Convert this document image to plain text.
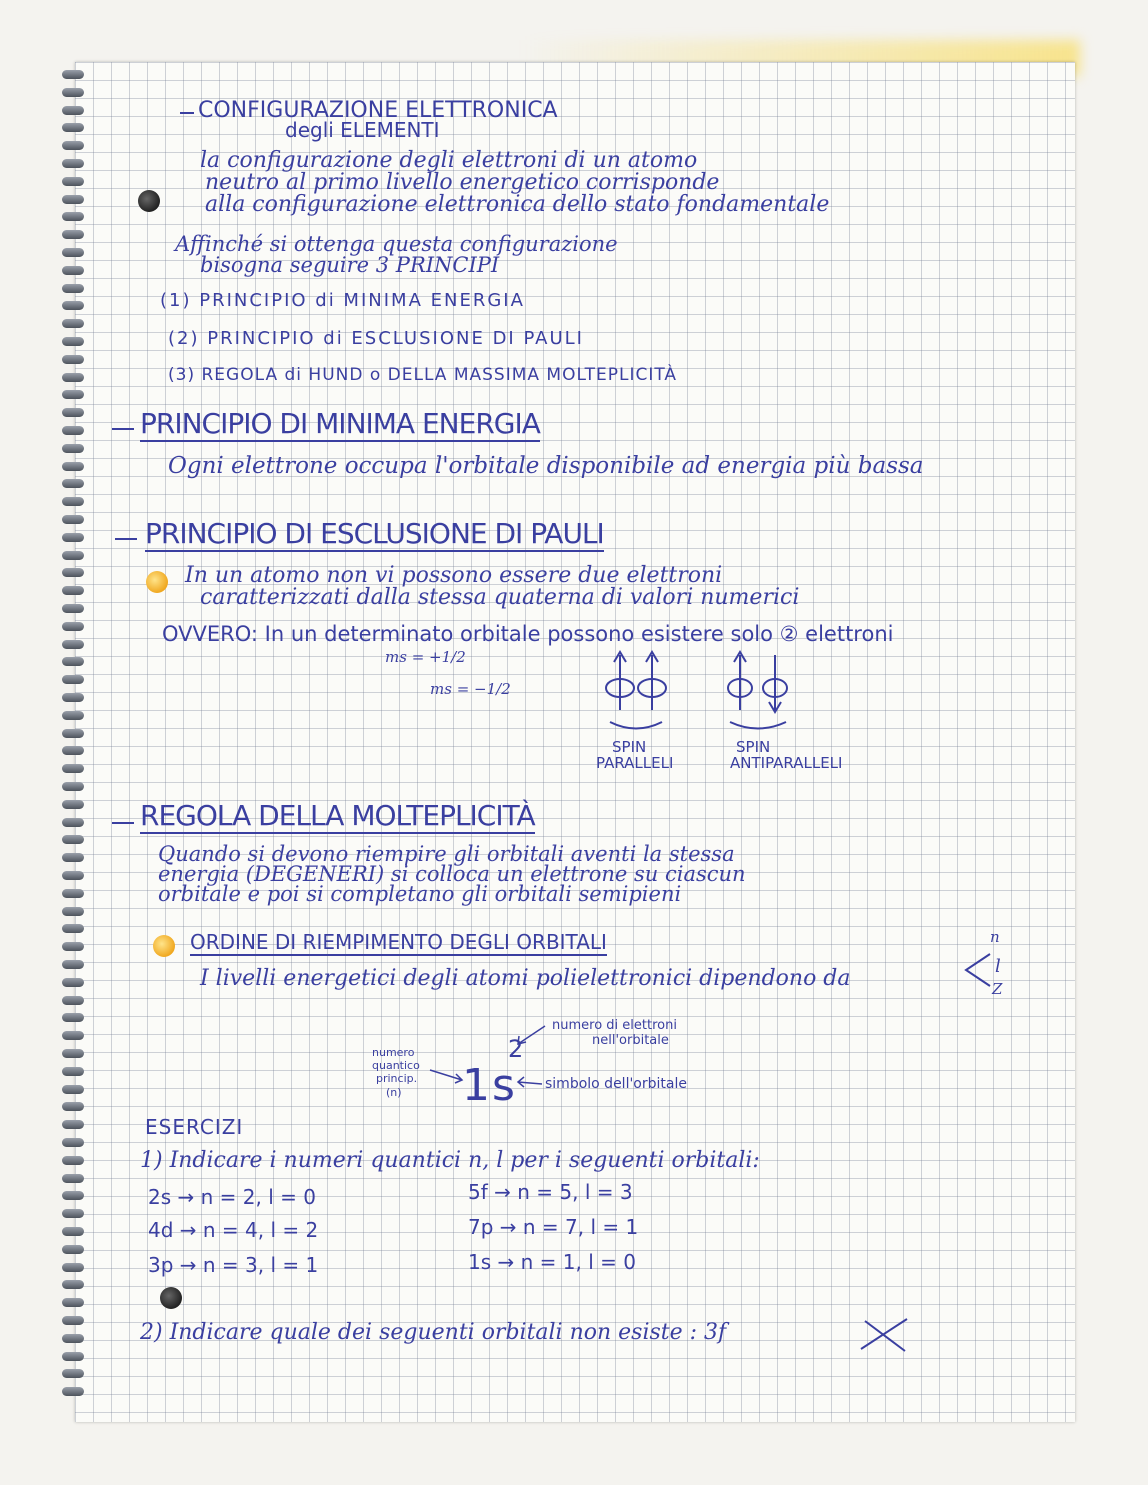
CONFIGURAZIONE ELETTRONICA
degli ELEMENTI
la configurazione degli elettroni di un atomo
neutro al primo livello energetico corrisponde
alla configurazione elettronica dello stato fondamentale
Affinché si ottenga questa configurazione
bisogna seguire 3 PRINCIPI
(1) PRINCIPIO di MINIMA ENERGIA
(2) PRINCIPIO di ESCLUSIONE DI PAULI
(3) REGOLA di HUND o DELLA MASSIMA MOLTEPLICITÀ
PRINCIPIO DI MINIMA ENERGIA
Ogni elettrone occupa l'orbitale disponibile ad energia più bassa
PRINCIPIO DI ESCLUSIONE DI PAULI
In un atomo non vi possono essere due elettroni
caratterizzati dalla stessa quaterna di valori numerici
OVVERO: In un determinato orbitale possono esistere solo ② elettroni
ms = +1/2
ms = −1/2
SPIN
PARALLELI
SPIN
ANTIPARALLELI
REGOLA DELLA MOLTEPLICITÀ
Quando si devono riempire gli orbitali aventi la stessa
energia (DEGENERI) si colloca un elettrone su ciascun
orbitale e poi si completano gli orbitali semipieni
ORDINE DI RIEMPIMENTO DEGLI ORBITALI
I livelli energetici degli atomi polielettronici dipendono da
n
l
Z
1s
2
numero
quantico
princip.
(n)
numero di elettroni
nell'orbitale
simbolo dell'orbitale
ESERCIZI
1) Indicare i numeri quantici n, l per i seguenti orbitali:
2s → n = 2, l = 0
4d → n = 4, l = 2
3p → n = 3, l = 1
5f → n = 5, l = 3
7p → n = 7, l = 1
1s → n = 1, l = 0
2) Indicare quale dei seguenti orbitali non esiste : 3f
